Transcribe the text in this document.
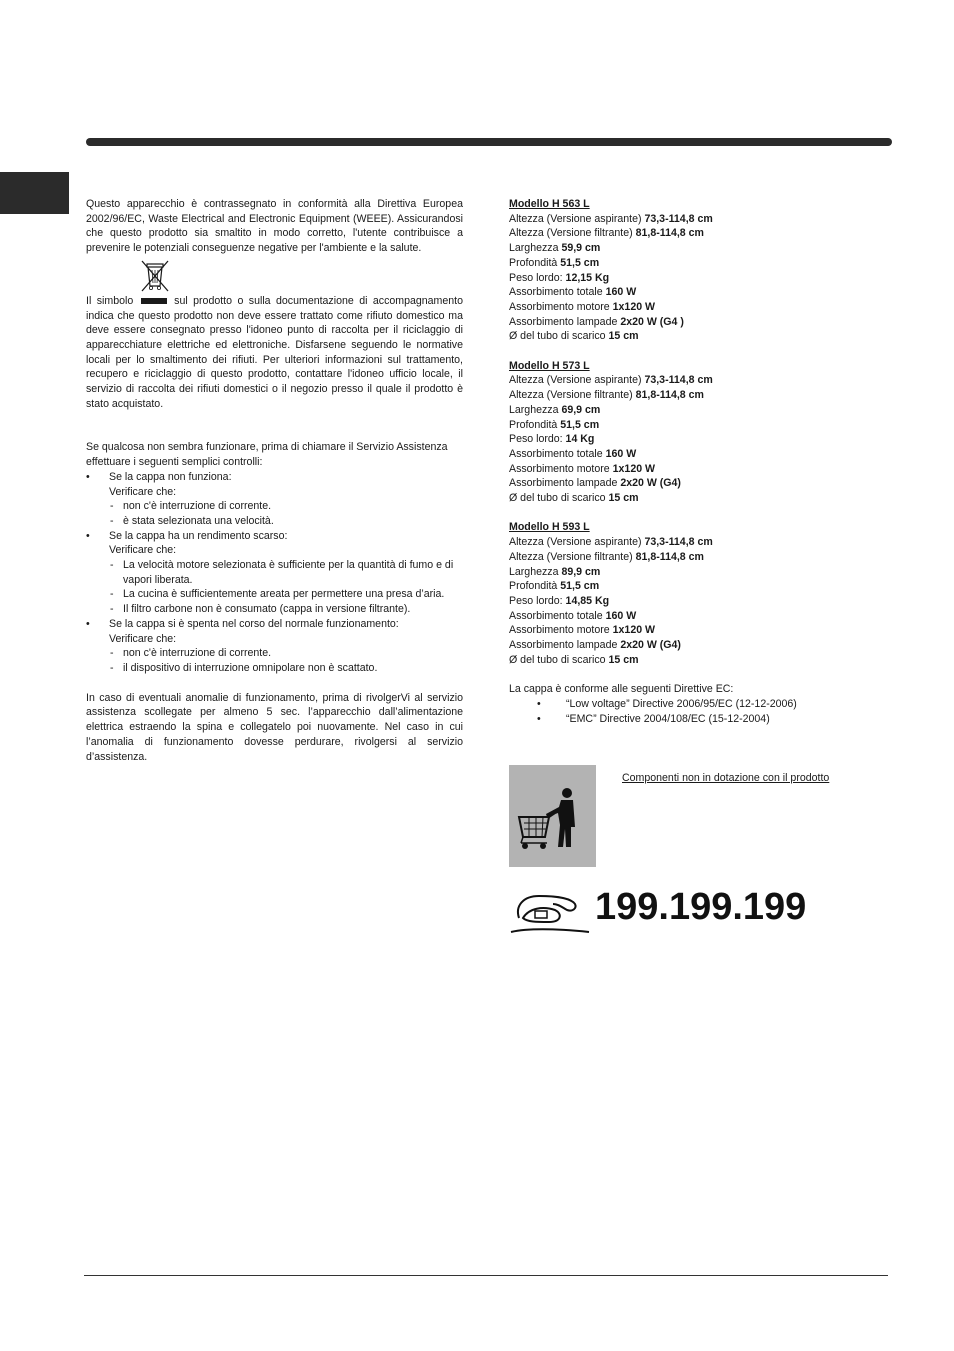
Questo apparecchio è contrassegnato in conformità alla Direttiva Europea 2002/96/EC, Waste Electrical and Electronic Equipment (WEEE). Assicurandosi che questo prodotto sia smaltito in modo corretto, l'utente contribuisce a prevenire le potenziali conseguenze negative per l'ambiente e la salute.

Il simbolo	sul prodotto o sulla documentazione di accompagnamento indica che questo prodotto non deve essere trattato come rifiuto domestico ma deve essere consegnato presso l'idoneo punto di raccolta per il riciclaggio di apparecchiature elettriche ed elettroniche. Disfarsene seguendo le normative locali per lo smaltimento dei rifiuti. Per ulteriori informazioni sul trattamento, recupero e riciclaggio di questo prodotto, contattare l'idoneo ufficio locale, il servizio di raccolta dei rifiuti domestici o il negozio presso il quale il prodotto è stato acquistato.

Se qualcosa non sembra funzionare, prima di chiamare il Servizio Assistenza effettuare i seguenti semplici controlli:

• Se la cappa non funziona:
Verificare che:
- non c'è interruzione di corrente.
- è stata selezionata una velocità.
• Se la cappa ha un rendimento scarso:
Verificare che:
- La velocità motore selezionata è sufficiente per la quantità di fumo e di vapori liberata.
- La cucina è sufficientemente areata per permettere una presa d’aria.
- Il filtro carbone non è consumato (cappa in versione filtrante).
• Se la cappa si è spenta nel corso del normale funzionamento:
Verificare che:
- non c'è interruzione di corrente.
- il dispositivo di interruzione omnipolare non è scattato.

In caso di eventuali anomalie di funzionamento, prima di rivolgerVi al servizio assistenza scollegate per almeno 5 sec. l’apparecchio dall’alimentazione elettrica estraendo la spina e collegatelo poi nuovamente. Nel caso in cui l’anomalia di funzionamento dovesse perdurare, rivolgersi al servizio d’assistenza.

Modello H 563 L
Altezza (Versione aspirante) 73,3-114,8 cm
Altezza (Versione filtrante) 81,8-114,8 cm
Larghezza 59,9 cm
Profondità 51,5 cm
Peso lordo: 12,15 Kg
Assorbimento totale 160 W
Assorbimento motore 1x120 W
Assorbimento lampade 2x20 W (G4 )
Ø del tubo di scarico 15 cm
Modello H 573 L
Altezza (Versione aspirante) 73,3-114,8 cm
Altezza (Versione filtrante) 81,8-114,8 cm
Larghezza 69,9 cm
Profondità 51,5 cm
Peso lordo: 14 Kg
Assorbimento totale 160 W
Assorbimento motore 1x120 W
Assorbimento lampade 2x20 W (G4)
Ø del tubo di scarico 15 cm
Modello H 593 L
Altezza (Versione aspirante) 73,3-114,8 cm
Altezza (Versione filtrante) 81,8-114,8 cm
Larghezza 89,9 cm
Profondità 51,5 cm
Peso lordo: 14,85 Kg
Assorbimento totale 160 W
Assorbimento motore 1x120 W
Assorbimento lampade 2x20 W (G4)
Ø del tubo di scarico 15 cm
La cappa è conforme alle seguenti Direttive EC:
• “Low voltage” Directive 2006/95/EC (12-12-2006)
• “EMC” Directive 2004/108/EC (15-12-2004)
Componenti non in dotazione con il prodotto
199.199.199
